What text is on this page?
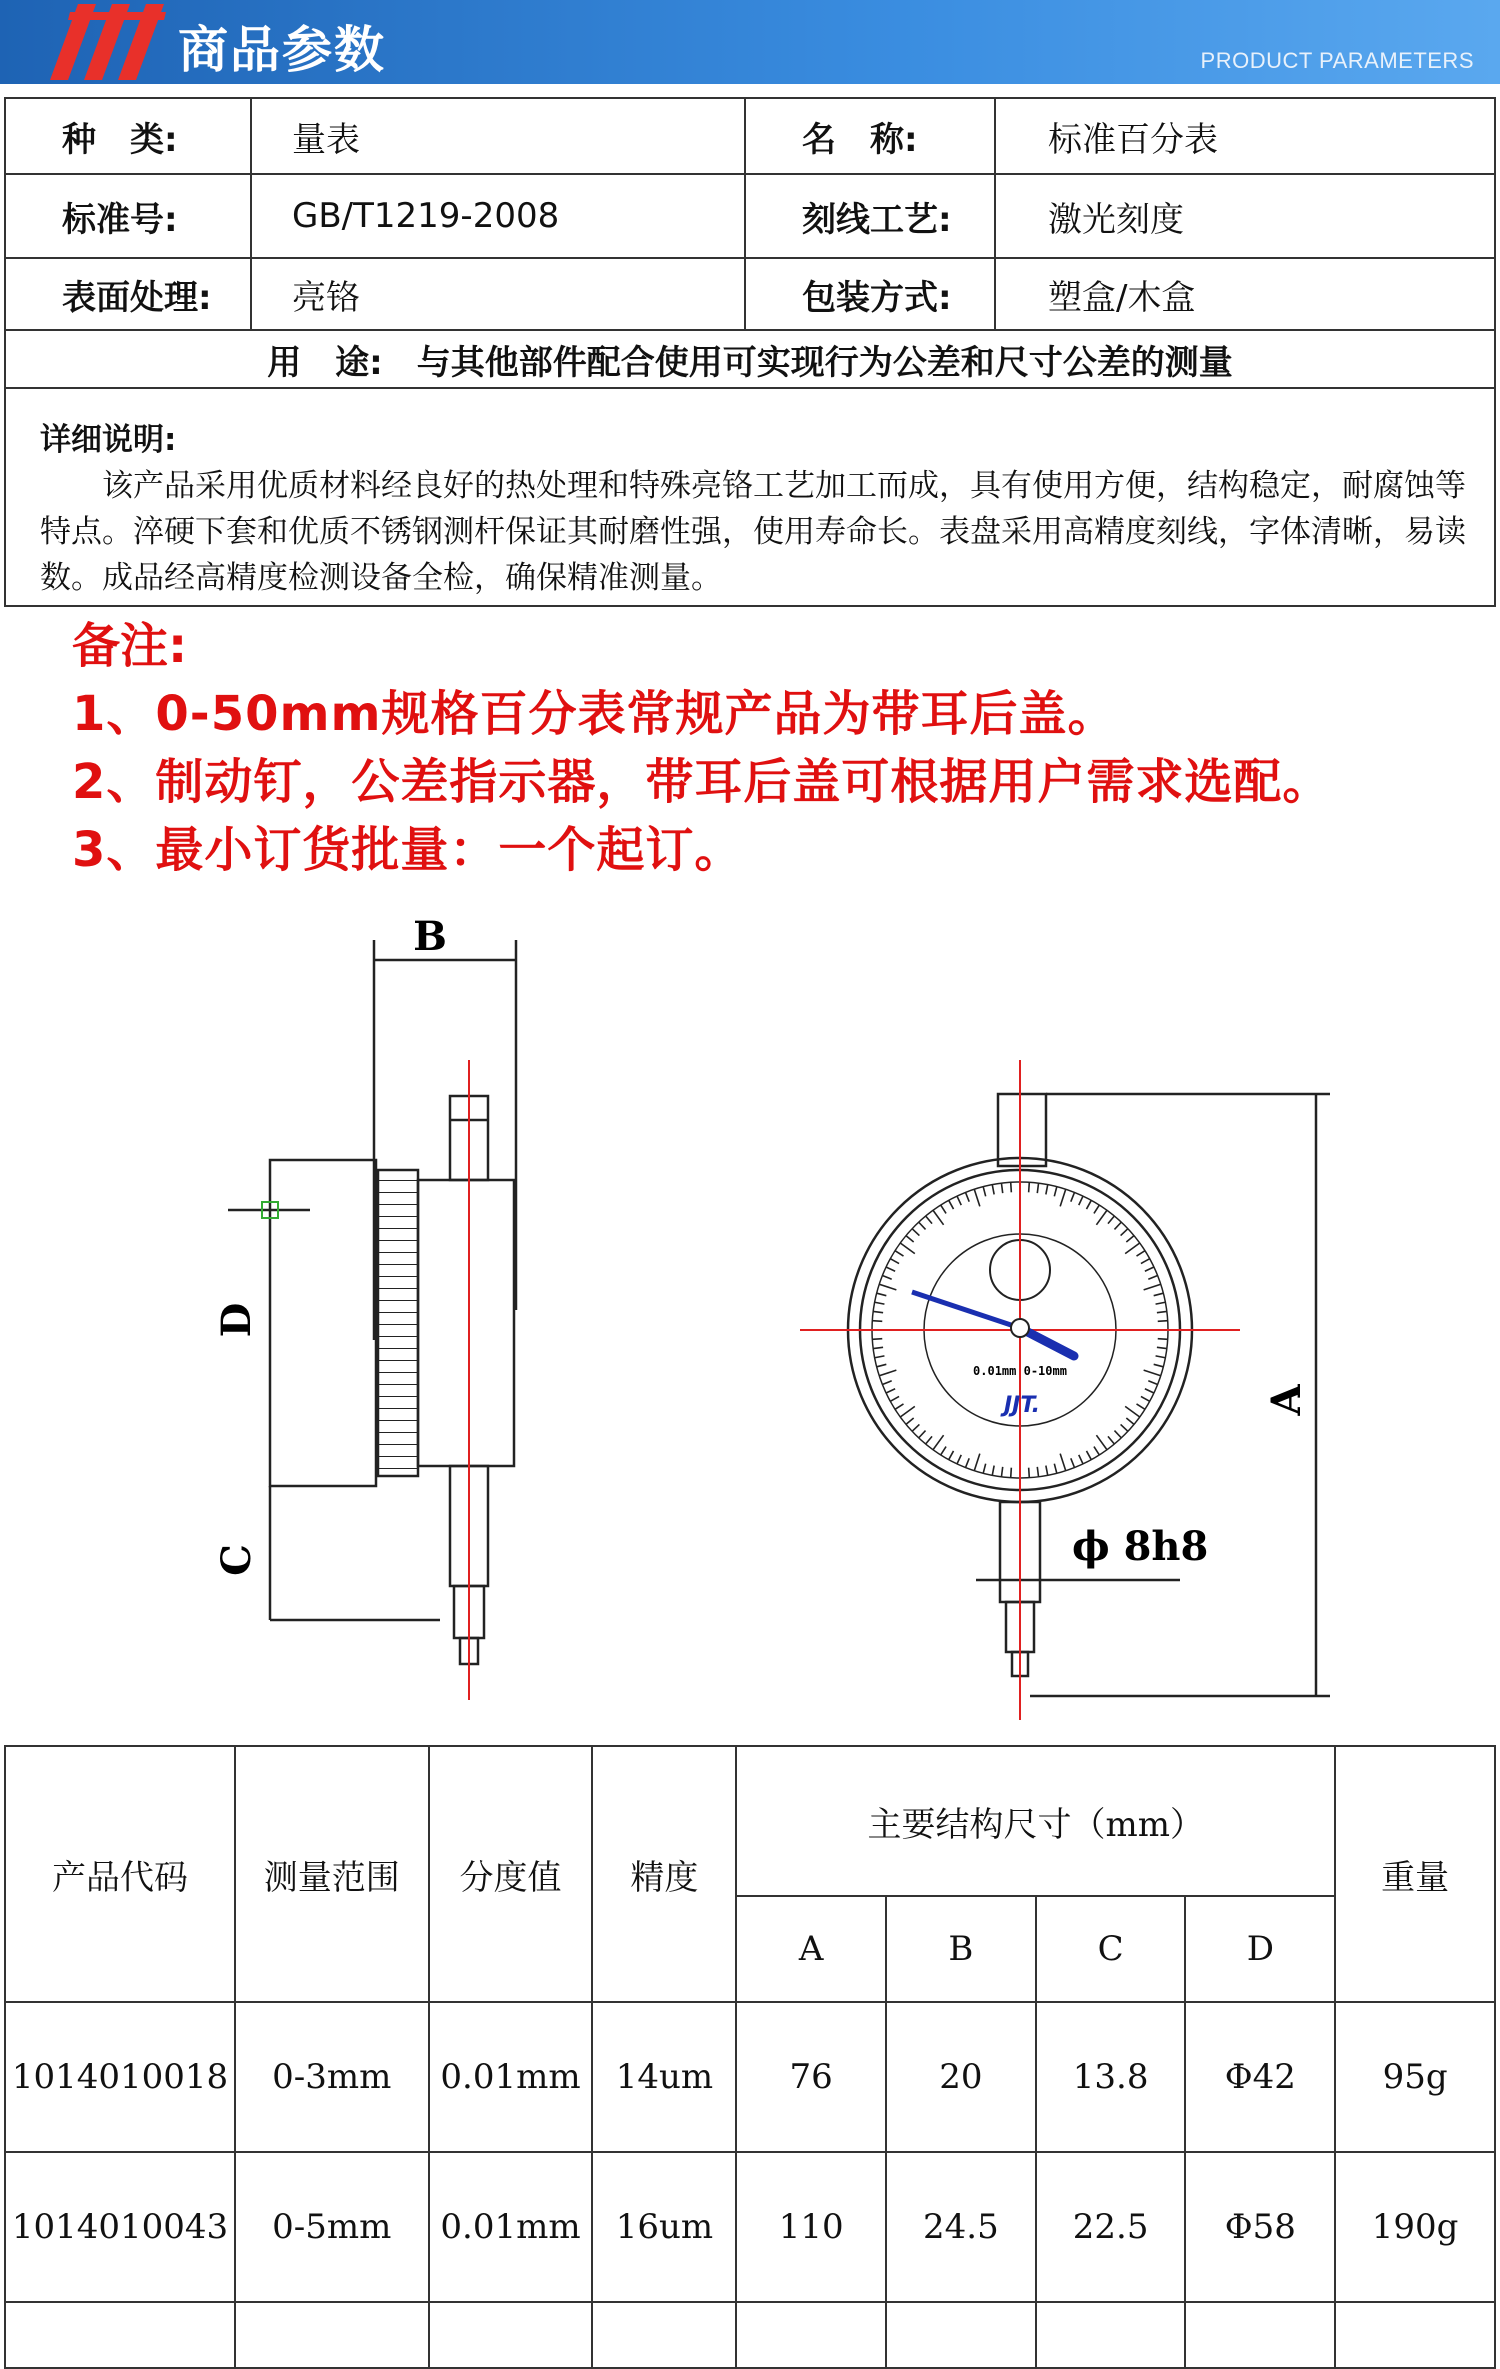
商品参数	PRODUCT PARAMETERS
种　类:	量表	名　称:	标准百分表
标准号:	GB/T1219-2008	刻线工艺:	激光刻度
表面处理: 亮铬	包装方式:	塑盒/木盒
用　途:　与其他部件配合使用可实现行为公差和尺寸公差的测量
详细说明:
　　该产品采用优质材料经良好的热处理和特殊亮铬工艺加工而成，具有使用方便，结构稳定，耐腐蚀等特点。淬硬下套和优质不锈钢测杆保证其耐磨性强，使用寿命长。表盘采用高精度刻线，字体清晰，易读数。成品经高精度检测设备全检，确保精准测量。
备注:
1、0-50mm规格百分表常规产品为带耳后盖。
2、制动钉，公差指示器，带耳后盖可根据用户需求选配。
3、最小订货批量：一个起订。
B
D
C
0.01mm 0-10mm
JJT.
ϕ 8h8
A
产品代码	测量范围	分度值	精度	主要结构尺寸（mm）				重量
				A	B	C	D	
1014010018	0-3mm	0.01mm	14um	76	20	13.8	Φ42	95g
1014010043	0-5mm	0.01mm	16um	110	24.5	22.5	Φ58	190g
